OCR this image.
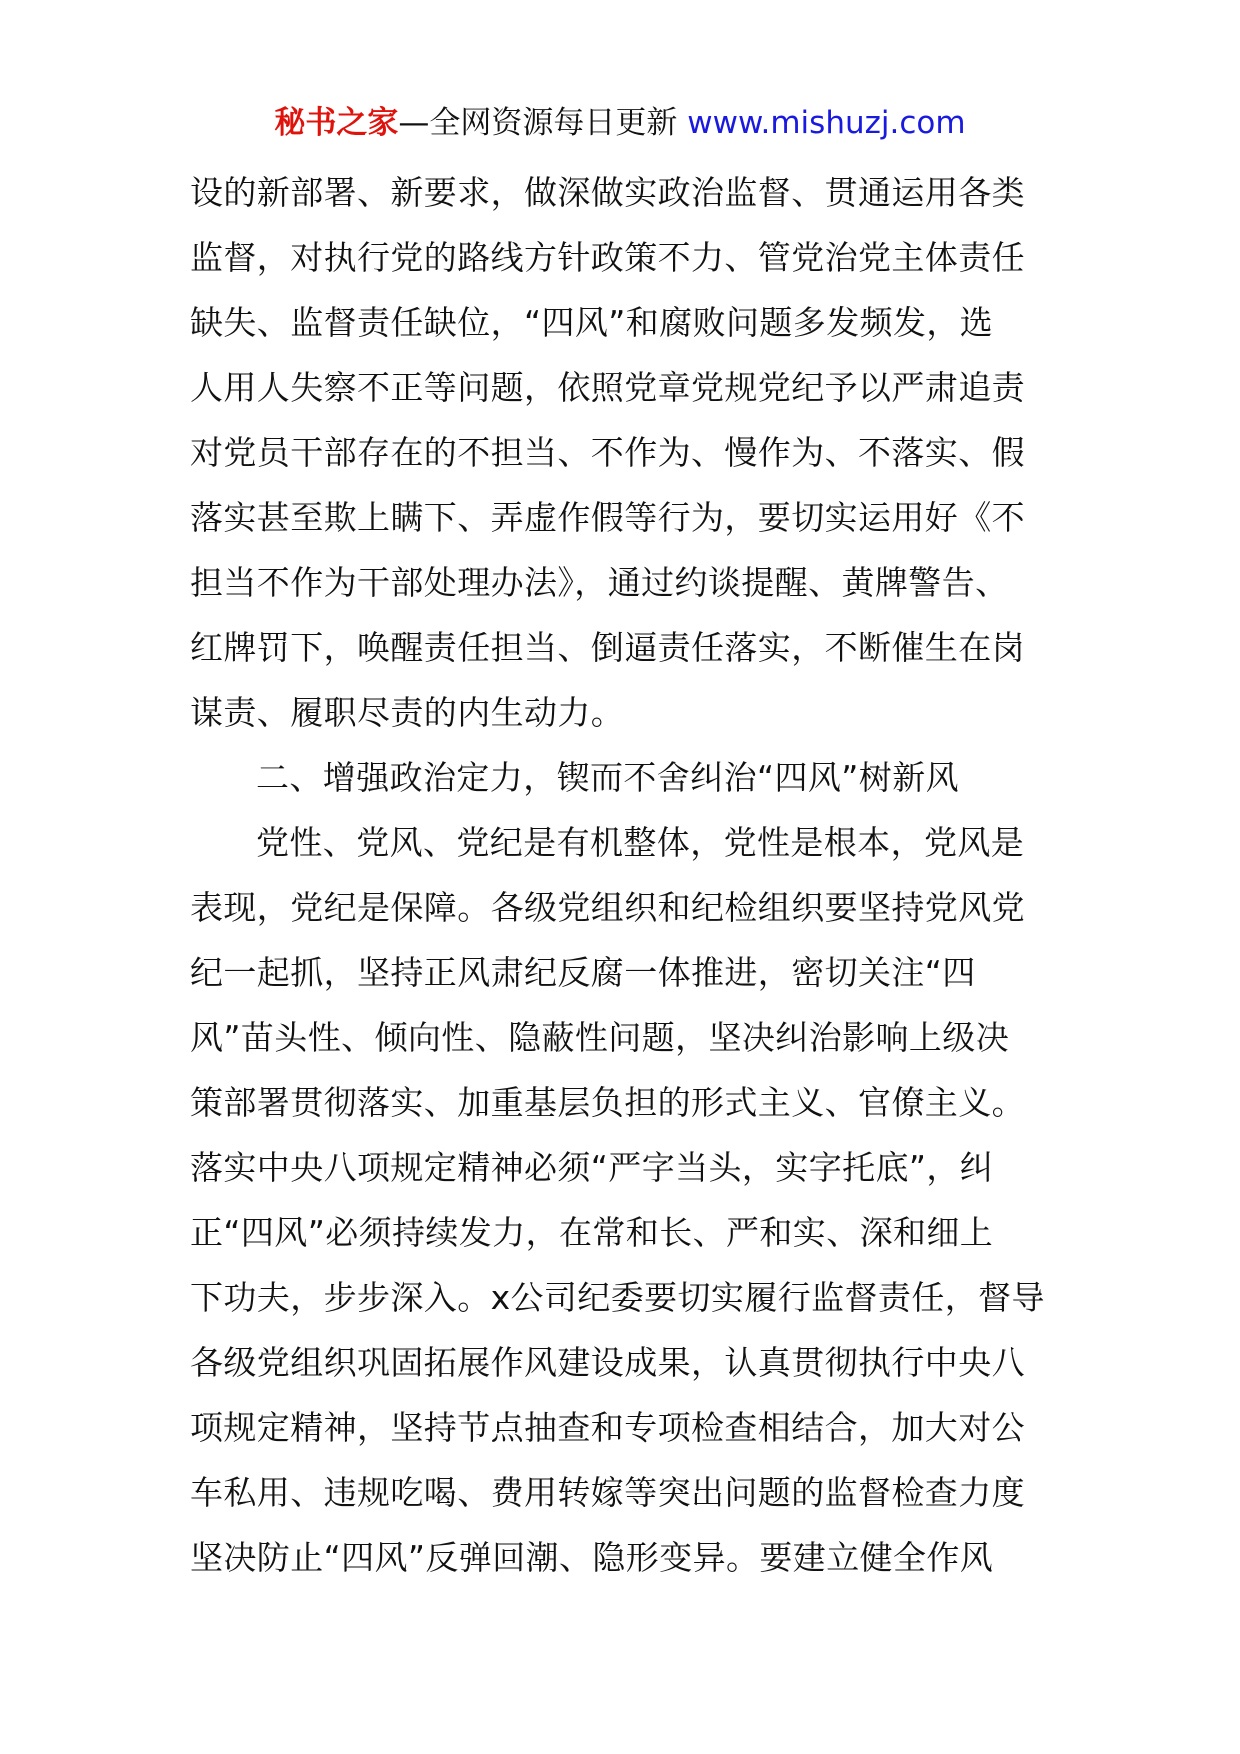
秘书之家—全网资源每日更新 www.mishuzj.com
设的新部署、新要求，做深做实政治监督、贯通运用各类
监督，对执行党的路线方针政策不力、管党治党主体责任
缺失、监督责任缺位，“四风”和腐败问题多发频发，选
人用人失察不正等问题，依照党章党规党纪予以严肃追责
对党员干部存在的不担当、不作为、慢作为、不落实、假
落实甚至欺上瞒下、弄虚作假等行为，要切实运用好《不
担当不作为干部处理办法》，通过约谈提醒、黄牌警告、
红牌罚下，唤醒责任担当、倒逼责任落实，不断催生在岗
谋责、履职尽责的内生动力。
二、增强政治定力，锲而不舍纠治“四风”树新风
党性、党风、党纪是有机整体，党性是根本，党风是
表现，党纪是保障。各级党组织和纪检组织要坚持党风党
纪一起抓，坚持正风肃纪反腐一体推进，密切关注“四
风”苗头性、倾向性、隐蔽性问题，坚决纠治影响上级决
策部署贯彻落实、加重基层负担的形式主义、官僚主义。
落实中央八项规定精神必须“严字当头，实字托底”，纠
正“四风”必须持续发力，在常和长、严和实、深和细上
下功夫，步步深入。x公司纪委要切实履行监督责任，督导
各级党组织巩固拓展作风建设成果，认真贯彻执行中央八
项规定精神，坚持节点抽查和专项检查相结合，加大对公
车私用、违规吃喝、费用转嫁等突出问题的监督检查力度
坚决防止“四风”反弹回潮、隐形变异。要建立健全作风
